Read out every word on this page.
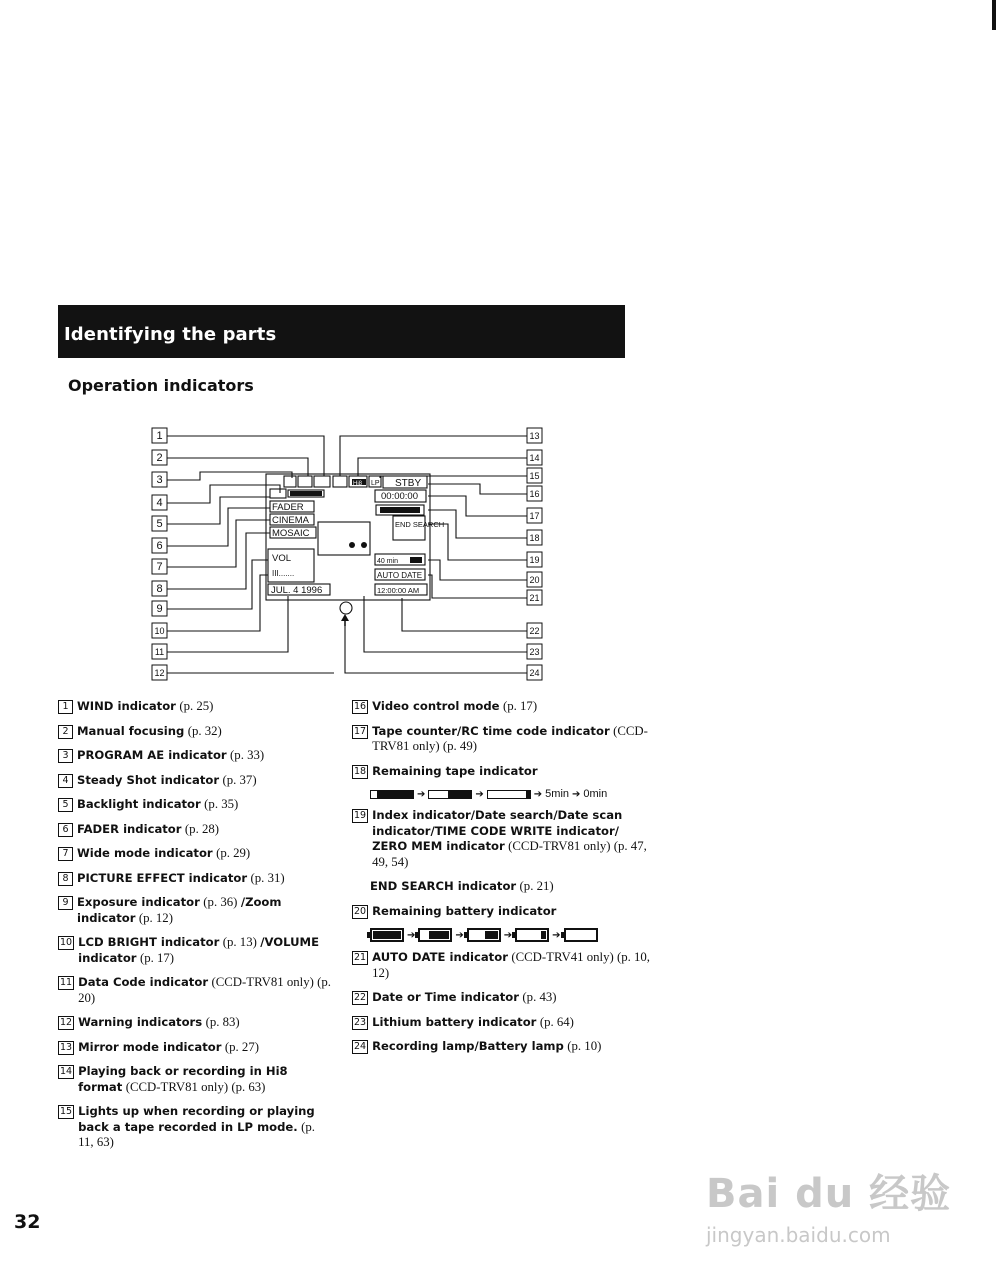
Identifying the parts
Operation indicators
1
2
3
4
5
6
7
8
9
10
11
12
13
14
15
16
17
18
19
20
21
22
23
24
STBY
00:00:00
FADER
CINEMA
MOSAIC
END SEARCH
VOL
III.......
40 min
AUTO DATE
JUL. 4 1996	12:00:00 AM
Hi8 LP
1 WIND indicator (p. 25)
2 Manual focusing (p. 32)
3 PROGRAM AE indicator (p. 33)
4 Steady Shot indicator (p. 37)
5 Backlight indicator (p. 35)
6 FADER indicator (p. 28)
7 Wide mode indicator (p. 29)
8 PICTURE EFFECT indicator (p. 31)
9 Exposure indicator (p. 36) /Zoom indicator (p. 12)
10 LCD BRIGHT indicator (p. 13) /VOLUME indicator (p. 17)
11 Data Code indicator (CCD-TRV81 only) (p. 20)
12 Warning indicators (p. 83)
13 Mirror mode indicator (p. 27)
14 Playing back or recording in Hi8 format (CCD-TRV81 only) (p. 63)
15 Lights up when recording or playing back a tape recorded in LP mode. (p. 11, 63)
16 Video control mode (p. 17)
17 Tape counter/RC time code indicator (CCD-TRV81 only) (p. 49)
18 Remaining tape indicator
➔	➔	➔ 5min ➔ 0min
19 Index indicator/Date search/Date scan indicator/TIME CODE WRITE indicator/ ZERO MEM indicator (CCD-TRV81 only) (p. 47, 49, 54)
END SEARCH indicator (p. 21)
20 Remaining battery indicator
➔	➔	➔	➔
21 AUTO DATE indicator (CCD-TRV41 only) (p. 10, 12)
22 Date or Time indicator (p. 43)
23 Lithium battery indicator (p. 64)
24 Recording lamp/Battery lamp (p. 10)
32
Bai du 经验
jingyan.baidu.com
